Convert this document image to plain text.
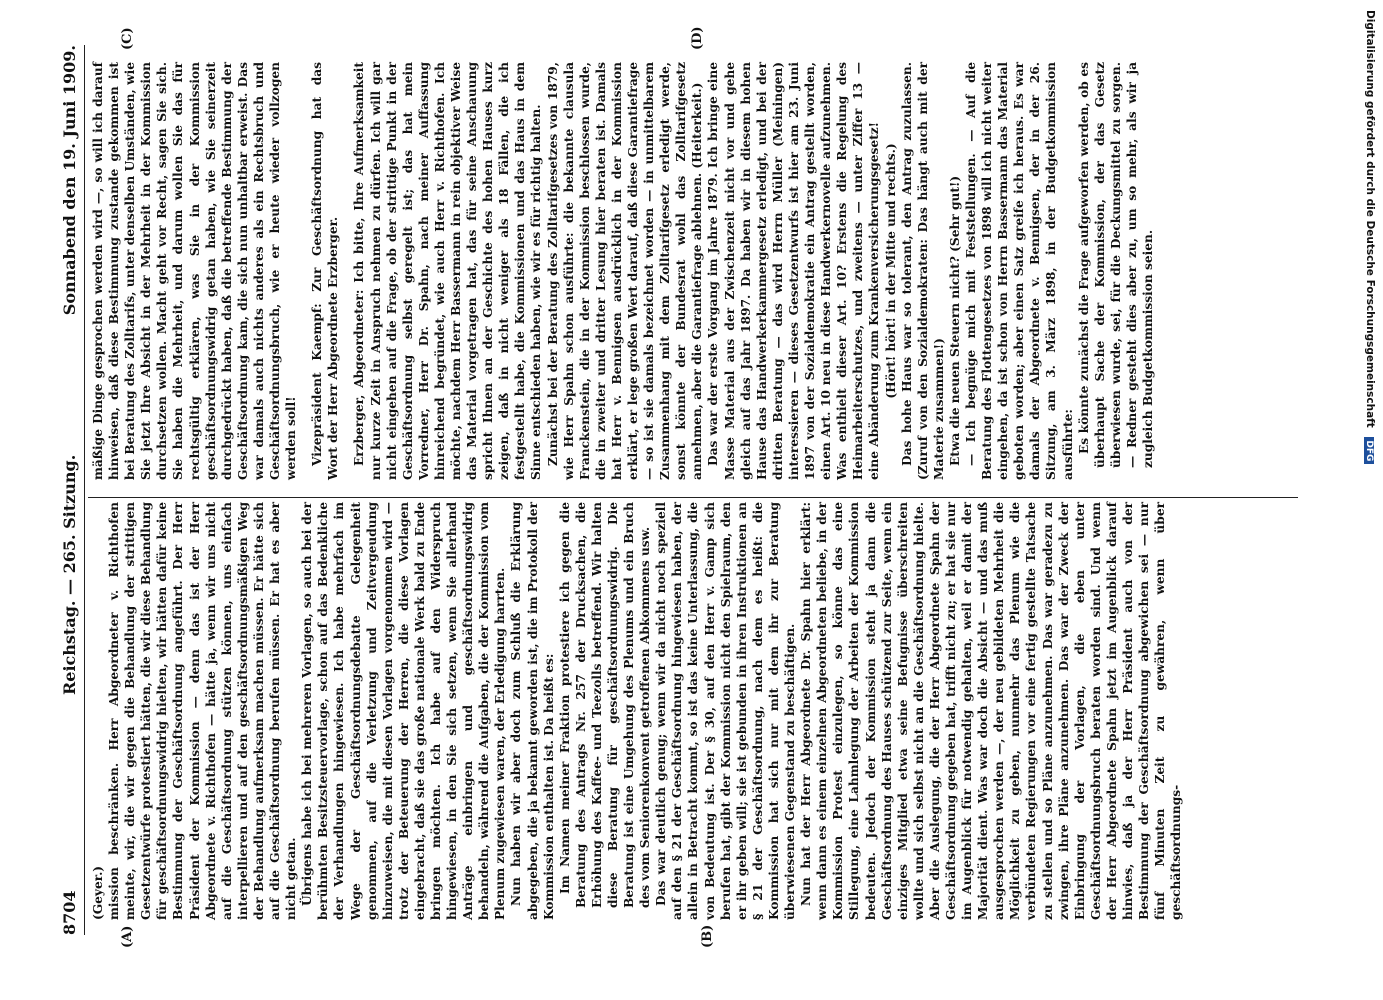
8704
Reichstag. — 265. Sitzung.
Sonnabend den 19. Juni 1909.
(A)	(B)
(C)	(D)

(Geyer.) mission beschränken. Herr Abgeordneter v. Richthofen meinte, wir, die wir gegen die Behandlung der strittigen Gesetzentwürfe protestiert hätten, die wir diese Behandlung für geschäftsordnungswidrig hielten, wir hätten dafür keine Bestimmung der Geschäftsordnung angeführt. Der Herr Präsident der Kommission — denn das ist der Herr Abgeordnete v. Richthofen — hätte ja, wenn wir uns nicht auf die Geschäftsordnung stützen können, uns einfach interpellieren und auf den geschäftsordnungsmäßigen Weg der Behandlung aufmerksam machen müssen. Er hätte sich auf die Geschäftsordnung berufen müssen. Er hat es aber nicht getan. Übrigens habe ich bei mehreren Vorlagen, so auch bei der berühmten Besitzsteuervorlage, schon auf das Bedenkliche der Verhandlungen hingewiesen. Ich habe mehrfach im Wege der Geschäftsordnungsdebatte Gelegenheit genommen, auf die Verletzung und Zeitvergeudung hinzuweisen, die mit diesen Vorlagen vorgenommen wird — trotz der Beteuerung der Herren, die diese Vorlagen eingebracht, daß sie das große nationale Werk bald zu Ende bringen möchten. Ich habe auf den Widerspruch hingewiesen, in den Sie sich setzen, wenn Sie allerhand Anträge einbringen und geschäftsordnungswidrig behandeln, während die Aufgaben, die der Kommission vom Plenum zugewiesen waren, der Erledigung harrten. Nun haben wir aber doch zum Schluß die Erklärung abgegeben, die ja bekannt geworden ist, die im Protokoll der Kommission enthalten ist. Da heißt es: Im Namen meiner Fraktion protestiere ich gegen die Beratung des Antrags Nr. 257 der Drucksachen, die Erhöhung des Kaffee- und Teezolls betreffend. Wir halten diese Beratung für geschäftsordnungswidrig. Die Beratung ist eine Umgehung des Plenums und ein Bruch des vom Seniorenkonvent getroffenen Abkommens usw. Das war deutlich genug; wenn wir da nicht noch speziell auf den § 21 der Geschäftsordnung hingewiesen haben, der allein in Betracht kommt, so ist das keine Unterlassung, die von Bedeutung ist. Der § 30, auf den Herr v. Gamp sich berufen hat, gibt der Kommission nicht den Spielraum, den er ihr geben will; sie ist gebunden in ihren Instruktionen an § 21 der Geschäftsordnung, nach dem es heißt: die Kommission hat sich nur mit dem ihr zur Beratung überwiesenen Gegenstand zu beschäftigen. Nun hat der Herr Abgeordnete Dr. Spahn hier erklärt: wenn dann es einem einzelnen Abgeordneten beliebe, in der Kommission Protest einzulegen, so könne das eine Stillegung, eine Lahmlegung der Arbeiten der Kommission bedeuten. Jedoch der Kommission steht ja dann die Geschäftsordnung des Hauses schützend zur Seite, wenn ein einziges Mitglied etwa seine Befugnisse überschreiten wollte und sich selbst nicht an die Geschäftsordnung hielte. Aber die Auslegung, die der Herr Abgeordnete Spahn der Geschäftsordnung gegeben hat, trifft nicht zu; er hat sie nur im Augenblick für notwendig gehalten, weil er damit der Majorität dient. Was war doch die Absicht — und das muß ausgesprochen werden —, der neu gebildeten Mehrheit die Möglichkeit zu geben, nunmehr das Plenum wie die verbündeten Regierungen vor eine fertig gestellte Tatsache zu stellen und so Pläne anzunehmen. Das war geradezu zu zwingen, ihre Pläne anzunehmen. Das war der Zweck der Einbringung der Vorlagen, die eben unter Geschäftsordnungsbruch beraten worden sind. Und wenn der Herr Abgeordnete Spahn jetzt im Augenblick darauf hinwies, daß ja der Herr Präsident auch von der Bestimmung der Geschäftsordnung abgewichen sei — nur fünf Minuten Zeit zu gewähren, wenn über geschäftsordnungs-

mäßige Dinge gesprochen werden wird —, so will ich darauf hinweisen, daß diese Bestimmung zustande gekommen ist bei Beratung des Zolltarifs, unter denselben Umständen, wie Sie jetzt Ihre Absicht in der Mehrheit in der Kommission durchsetzen wollen. Macht geht vor Recht, sagen Sie sich. Sie haben die Mehrheit, und darum wollen Sie das für rechtsgültig erklären, was Sie in der Kommission geschäftsordnungswidrig getan haben, wie Sie seinerzeit durchgedrückt haben, daß die betreffende Bestimmung der Geschäftsordnung kam, die sich nun unhaltbar erweist. Das war damals auch nichts anderes als ein Rechtsbruch und Geschäftsordnungsbruch, wie er heute wieder vollzogen werden soll! Vizepräsident Kaempf: Zur Geschäftsordnung hat das Wort der Herr Abgeordnete Erzberger. Erzberger, Abgeordneter: Ich bitte, Ihre Aufmerksamkeit nur kurze Zeit in Anspruch nehmen zu dürfen. Ich will gar nicht eingehen auf die Frage, ob der strittige Punkt in der Geschäftsordnung selbst geregelt ist; das hat mein Vorredner, Herr Dr. Spahn, nach meiner Auffassung hinreichend begründet, wie auch Herr v. Richthofen. Ich möchte, nachdem Herr Bassermann in rein objektiver Weise das Material vorgetragen hat, das für seine Anschauung spricht Ihnen an der Geschichte des hohen Hauses kurz zeigen, daß in nicht weniger als 18 Fällen, die ich festgestellt habe, die Kommissionen und das Haus in dem Sinne entschieden haben, wie wir es für richtig halten. Zunächst bei der Beratung des Zolltarifgesetzes von 1879, wie Herr Spahn schon ausführte: die bekannte clausula Franckenstein, die in der Kommission beschlossen wurde, die in zweiter und dritter Lesung hier beraten ist. Damals hat Herr v. Bennigsen ausdrücklich in der Kommission erklärt, er lege großen Wert darauf, daß diese Garantiefrage — so ist sie damals bezeichnet worden — in unmittelbarem Zusammenhang mit dem Zolltarifgesetz erledigt werde, sonst könnte der Bundesrat wohl das Zolltarifgesetz annehmen, aber die Garantiefrage ablehnen. (Heiterkeit.) Das war der erste Vorgang im Jahre 1879. Ich bringe eine Masse Material aus der Zwischenzeit nicht vor und gehe gleich auf das Jahr 1897. Da haben wir in diesem hohen Hause das Handwerkerkammergesetz erledigt, und bei der dritten Beratung — das wird Herrn Müller (Meiningen) interessieren — dieses Gesetzentwurfs ist hier am 23. Juni 1897 von der Sozialdemokratie ein Antrag gestellt worden, einen Art. 10 neu in diese Handwerkernovelle aufzunehmen. Was enthielt dieser Art. 10? Erstens die Regelung des Heimarbeiterschutzes, und zweitens — unter Ziffer 13 — eine Abänderung zum Krankenversicherungsgesetz! (Hört! hört! in der Mitte und rechts.) Das hohe Haus war so tolerant, den Antrag zuzulassen. (Zuruf von den Sozialdemokraten: Das hängt auch mit der Materie zusammen!) Etwa die neuen Steuern nicht? (Sehr gut!) — Ich begnüge mich mit Feststellungen. — Auf die Beratung des Flottengesetzes von 1898 will ich nicht weiter eingehen, da ist schon von Herrn Bassermann das Material geboten worden; aber einen Satz greife ich heraus. Es war damals der Abgeordnete v. Bennigsen, der in der 26. Sitzung, am 3. März 1898, in der Budgetkommission ausführte: Es könnte zunächst die Frage aufgeworfen werden, ob es überhaupt Sache der Kommission, der das Gesetz überwiesen wurde, sei, für die Deckungsmittel zu sorgen. — Redner gesteht dies aber zu, um so mehr, als wir ja zugleich Budgetkommission seien.	Digitalisierung gefördert durch die Deutsche Forschungsgemeinschaft DFG
